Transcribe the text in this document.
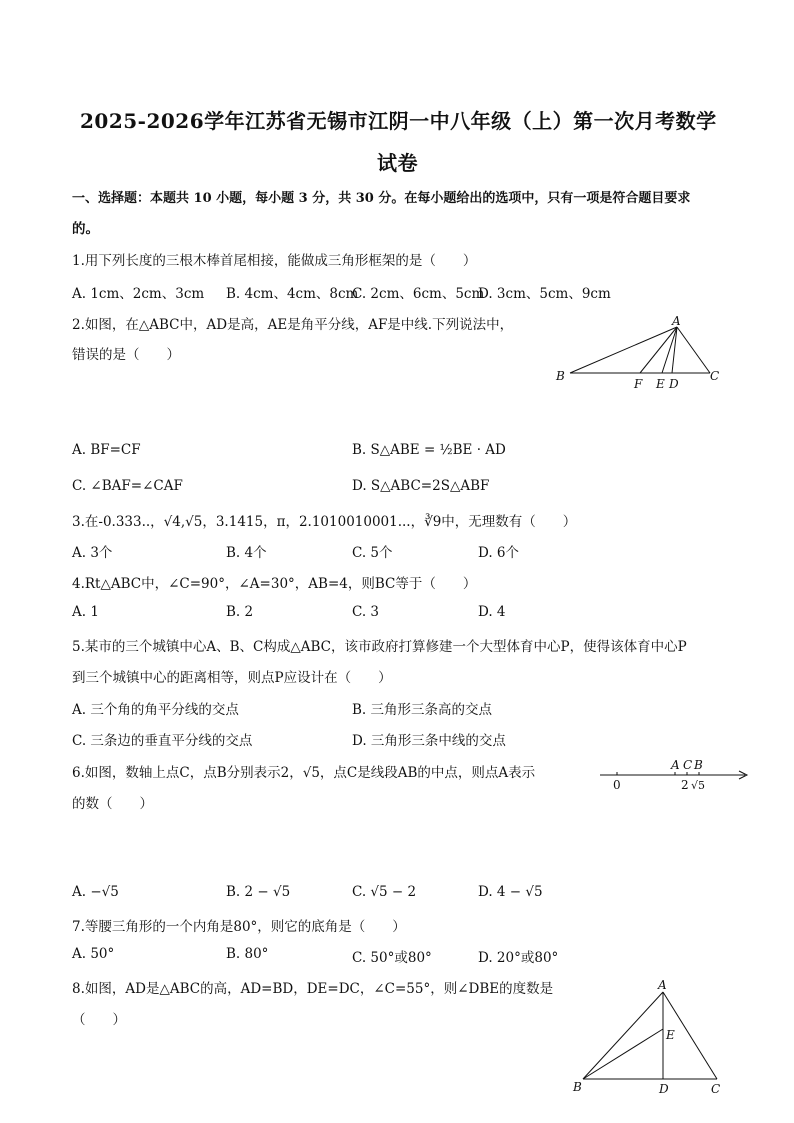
2025-2026学年江苏省无锡市江阴一中八年级（上）第一次月考数学
试卷
一、选择题：本题共 10 小题，每小题 3 分，共 30 分。在每小题给出的选项中，只有一项是符合题目要求
的。
1.用下列长度的三根木棒首尾相接，能做成三角形框架的是（　　）
A. 1cm、2cm、3cm B. 4cm、4cm、8cm
C. 2cm、6cm、5cm
D. 3cm、5cm、9cm
2.如图，在△ABC中，AD是高，AE是角平分线，AF是中线.下列说法中，
错误的是（　　）
A
B
F E D
C
A. BF=CF	B. S△ABE = ½BE · AD
C. ∠BAF=∠CAF	D. S△ABC=2S△ABF
3.在-0.333..，√4,√5，3.1415，π，2.1010010001...，∛9中，无理数有（　　）
A. 3个	B. 4个	C. 5个	D. 6个
4.Rt△ABC中，∠C=90°，∠A=30°，AB=4，则BC等于（　　）
A. 1	B. 2	C. 3	D. 4
5.某市的三个城镇中心A、B、C构成△ABC，该市政府打算修建一个大型体育中心P，使得该体育中心P
到三个城镇中心的距离相等，则点P应设计在（　　）
A. 三个角的角平分线的交点	B. 三角形三条高的交点
C. 三条边的垂直平分线的交点	D. 三角形三条中线的交点
6.如图，数轴上点C，点B分别表示2，√5，点C是线段AB的中点，则点A表示
的数（　　）
A C B
0	2 √5
A. −√5	B. 2 − √5	C. √5 − 2	D. 4 − √5
7.等腰三角形的一个内角是80°，则它的底角是（　　）
A. 50°	B. 80°	C. 50°或80°	D. 20°或80°
8.如图，AD是△ABC的高，AD=BD，DE=DC，∠C=55°，则∠DBE的度数是
（　　）
A
E
B	D	C
